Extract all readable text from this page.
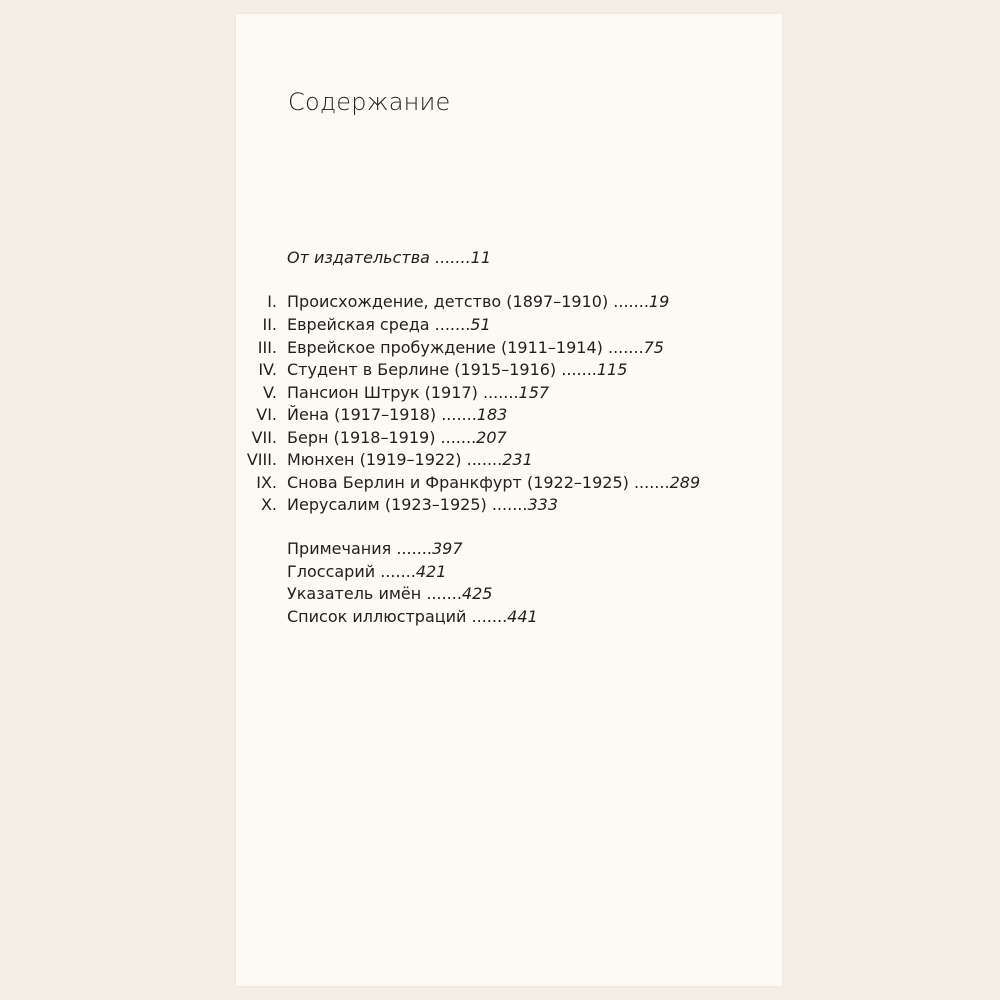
Содержание
От издательства .......11
I. Происхождение, детство (1897–1910) .......19
II. Еврейская среда .......51
III. Еврейское пробуждение (1911–1914) .......75
IV. Студент в Берлине (1915–1916) .......115
V. Пансион Штрук (1917) .......157
VI. Йена (1917–1918) .......183
VII. Берн (1918–1919) .......207
VIII. Мюнхен (1919–1922) .......231
IX. Снова Берлин и Франкфурт (1922–1925) .......289
X. Иерусалим (1923–1925) .......333
Примечания .......397
Глоссарий .......421
Указатель имён .......425
Список иллюстраций .......441
